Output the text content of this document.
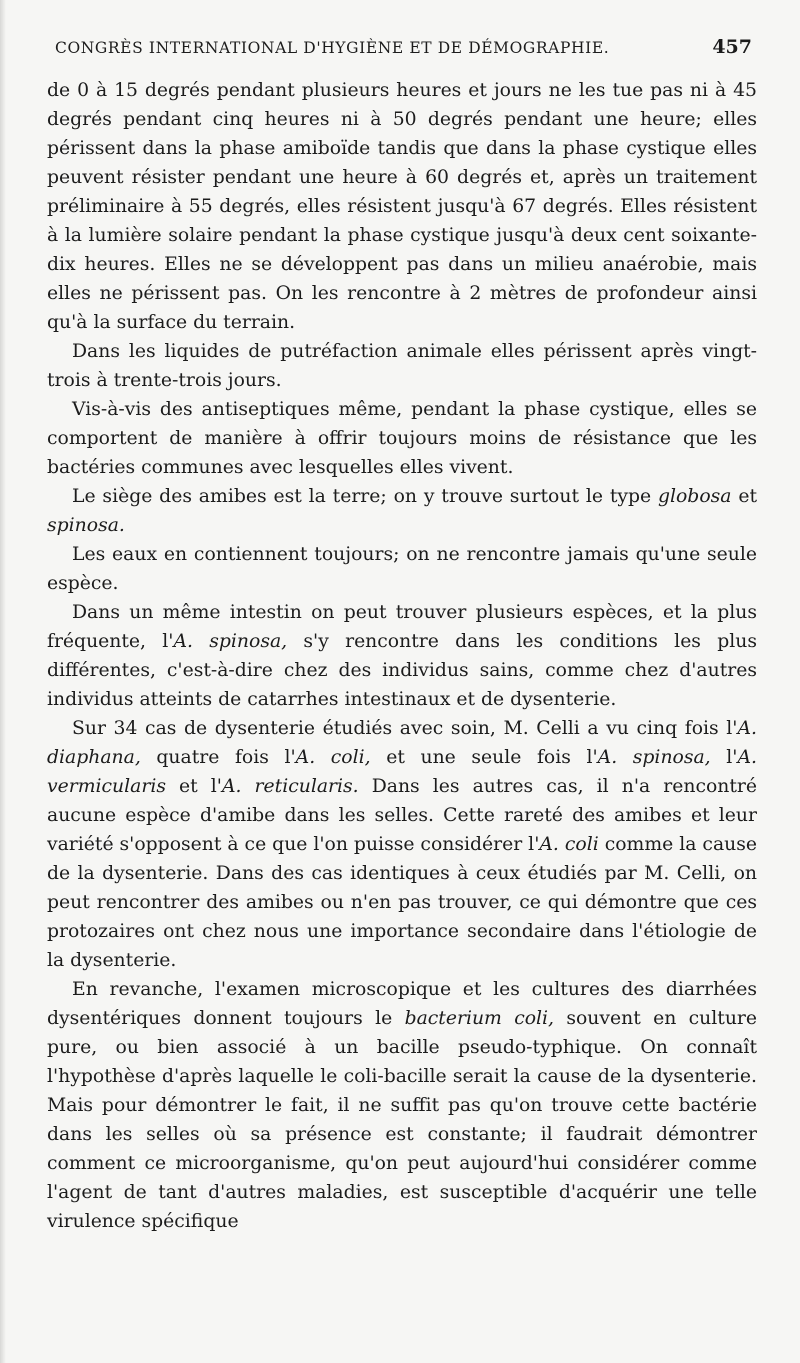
CONGRÈS INTERNATIONAL D'HYGIÈNE ET DE DÉMOGRAPHIE.	457

de 0 à 15 degrés pendant plusieurs heures et jours ne les tue pas ni à 45 degrés pendant cinq heures ni à 50 degrés pendant une heure; elles périssent dans la phase amiboïde tandis que dans la phase cystique elles peuvent résister pendant une heure à 60 degrés et, après un traitement préliminaire à 55 degrés, elles résistent jusqu'à 67 degrés. Elles résistent à la lumière solaire pendant la phase cystique jusqu'à deux cent soixante-dix heures. Elles ne se développent pas dans un milieu anaérobie, mais elles ne périssent pas. On les rencontre à 2 mètres de profondeur ainsi qu'à la surface du terrain.

Dans les liquides de putréfaction animale elles périssent après vingt-trois à trente-trois jours.

Vis-à-vis des antiseptiques même, pendant la phase cystique, elles se comportent de manière à offrir toujours moins de résistance que les bactéries communes avec lesquelles elles vivent.

Le siège des amibes est la terre; on y trouve surtout le type globosa et spinosa.

Les eaux en contiennent toujours; on ne rencontre jamais qu'une seule espèce.

Dans un même intestin on peut trouver plusieurs espèces, et la plus fréquente, l'A. spinosa, s'y rencontre dans les conditions les plus différentes, c'est-à-dire chez des individus sains, comme chez d'autres individus atteints de catarrhes intestinaux et de dysenterie.

Sur 34 cas de dysenterie étudiés avec soin, M. Celli a vu cinq fois l'A. diaphana, quatre fois l'A. coli, et une seule fois l'A. spinosa, l'A. vermicularis et l'A. reticularis. Dans les autres cas, il n'a rencontré aucune espèce d'amibe dans les selles. Cette rareté des amibes et leur variété s'opposent à ce que l'on puisse considérer l'A. coli comme la cause de la dysenterie. Dans des cas identiques à ceux étudiés par M. Celli, on peut rencontrer des amibes ou n'en pas trouver, ce qui démontre que ces protozaires ont chez nous une importance secondaire dans l'étiologie de la dysenterie.

En revanche, l'examen microscopique et les cultures des diarrhées dysentériques donnent toujours le bacterium coli, souvent en culture pure, ou bien associé à un bacille pseudo-typhique. On connaît l'hypothèse d'après laquelle le coli-bacille serait la cause de la dysenterie. Mais pour démontrer le fait, il ne suffit pas qu'on trouve cette bactérie dans les selles où sa présence est constante; il faudrait démontrer comment ce microorganisme, qu'on peut aujourd'hui considérer comme l'agent de tant d'autres maladies, est susceptible d'acquérir une telle virulence spécifique
